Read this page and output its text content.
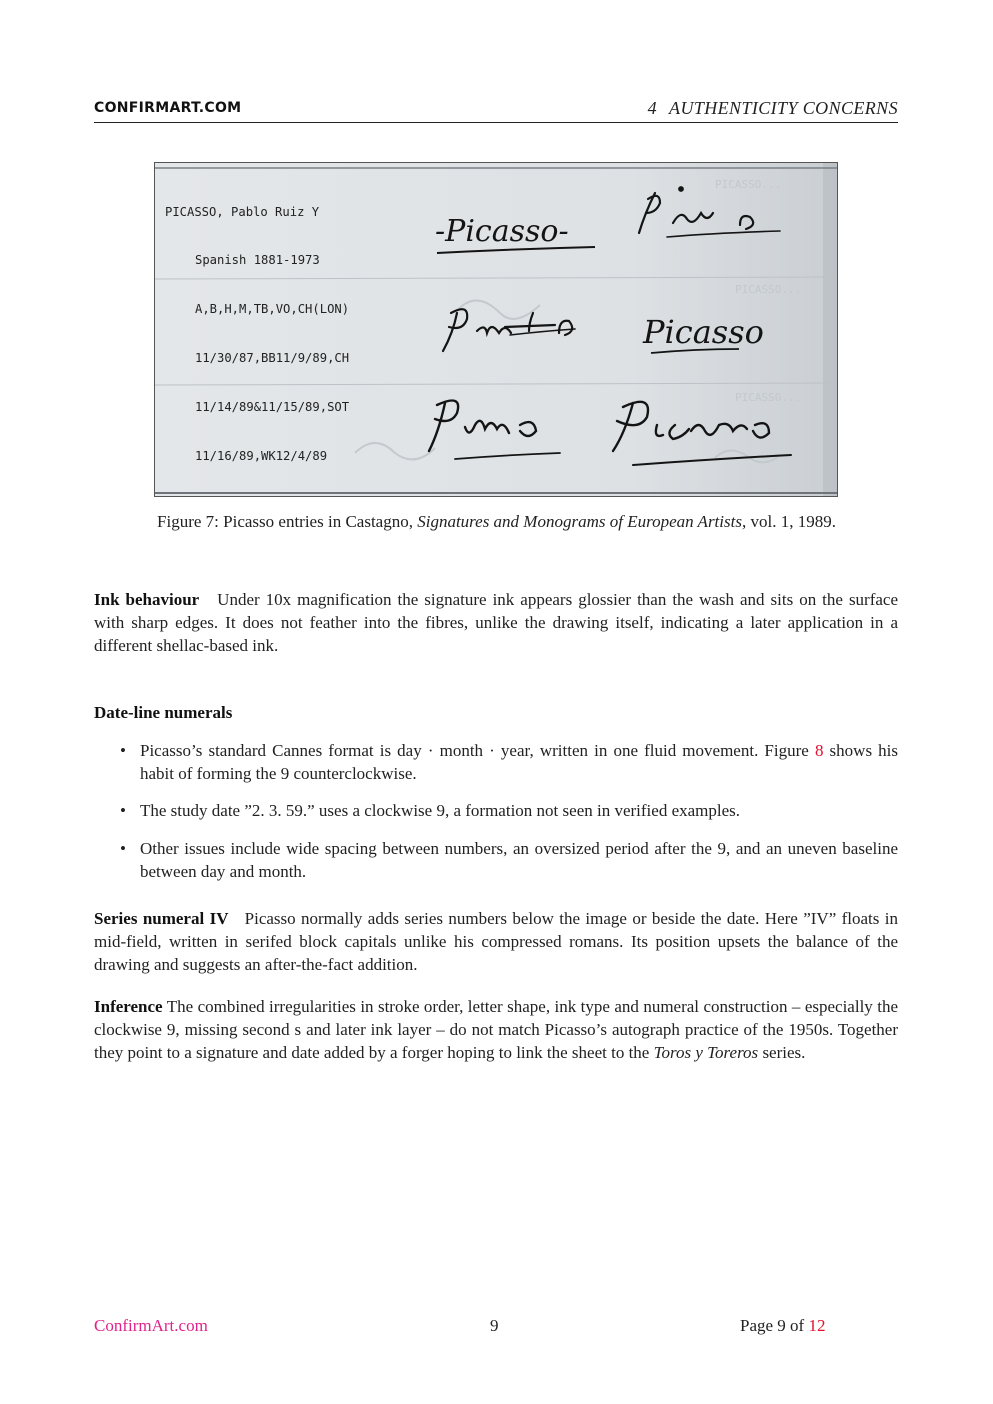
CONFIRMART.COM	4 AUTHENTICITY CONCERNS
PICASSO...
PICASSO...
PICASSO...
-Picasso-
Picasso

PICASSO, Pablo Ruiz Y

Spanish 1881-1973

A,B,H,M,TB,VO,CH(LON)

11/30/87,BB11/9/89,CH

11/14/89&11/15/89,SOT

11/16/89,WK12/4/89

Figure 7: Picasso entries in Castagno, Signatures and Monograms of European Artists, vol. 1, 1989.
Ink behaviour Under 10x magnification the signature ink appears glossier than the wash and sits on the surface with sharp edges. It does not feather into the fibres, unlike the drawing itself, indicating a later application in a different shellac-based ink.
Date-line numerals
• Picasso’s standard Cannes format is day · month · year, written in one fluid movement. Figure 8 shows his habit of forming the 9 counterclockwise.
• The study date ”2. 3. 59.” uses a clockwise 9, a formation not seen in verified examples.
• Other issues include wide spacing between numbers, an oversized period after the 9, and an uneven baseline between day and month.
Series numeral IV Picasso normally adds series numbers below the image or beside the date. Here ”IV” floats in mid-field, written in serifed block capitals unlike his compressed romans. Its position upsets the balance of the drawing and suggests an after-the-fact addition.
Inference The combined irregularities in stroke order, letter shape, ink type and numeral construction – especially the clockwise 9, missing second s and later ink layer – do not match Picasso’s autograph practice of the 1950s. Together they point to a signature and date added by a forger hoping to link the sheet to the Toros y Toreros series.
ConfirmArt.com	9	Page 9 of 12
